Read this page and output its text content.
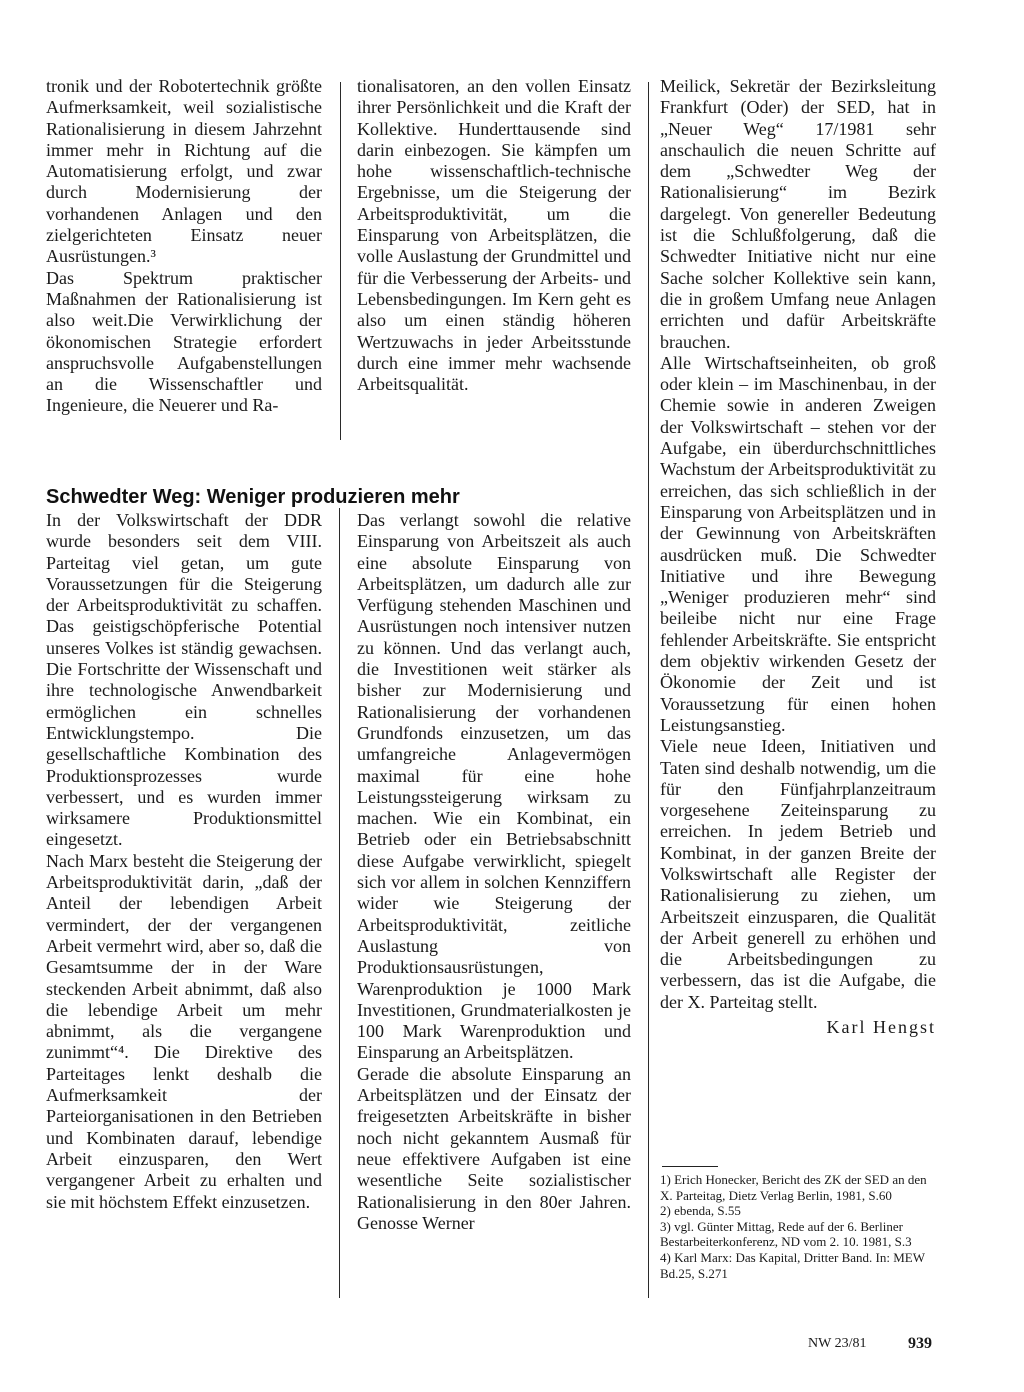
tronik und der Robotertechnik größte Aufmerksamkeit, weil sozialistische Rationalisierung in diesem Jahrzehnt immer mehr in Richtung auf die Automatisierung erfolgt, und zwar durch Modernisierung der vorhandenen Anlagen und den zielgerichteten Einsatz neuer Ausrüstungen.³

Das Spektrum praktischer Maßnahmen der Rationalisierung ist also weit.Die Verwirklichung der ökonomischen Strategie erfordert anspruchsvolle Aufgabenstellungen an die Wissenschaftler und Ingenieure, die Neuerer und Ra-

tionalisatoren, an den vollen Einsatz ihrer Persönlichkeit und die Kraft der Kollektive. Hunderttausende sind darin einbezogen. Sie kämpfen um hohe wissenschaftlich-technische Ergebnisse, um die Steigerung der Arbeitsproduktivität, um die Einsparung von Arbeitsplätzen, die volle Auslastung der Grundmittel und für die Verbesserung der Arbeits- und Lebensbedingungen. Im Kern geht es also um einen ständig höheren Wertzuwachs in jeder Arbeitsstunde durch eine immer mehr wachsende Arbeitsqualität.

Meilick, Sekretär der Bezirksleitung Frankfurt (Oder) der SED, hat in „Neuer Weg“ 17/1981 sehr anschaulich die neuen Schritte auf dem „Schwedter Weg der Rationalisierung“ im Bezirk dargelegt. Von genereller Bedeutung ist die Schlußfolgerung, daß die Schwedter Initiative nicht nur eine Sache solcher Kollektive sein kann, die in großem Umfang neue Anlagen errichten und dafür Arbeitskräfte brauchen.

Alle Wirtschaftseinheiten, ob groß oder klein – im Maschinenbau, in der Chemie sowie in anderen Zweigen der Volkswirtschaft – stehen vor der Aufgabe, ein überdurchschnittliches Wachstum der Arbeitsproduktivität zu erreichen, das sich schließlich in der Einsparung von Arbeitsplätzen und in der Gewinnung von Arbeitskräften ausdrücken muß. Die Schwedter Initiative und ihre Bewegung „Weniger produzieren mehr“ sind beileibe nicht nur eine Frage fehlender Arbeitskräfte. Sie entspricht dem objektiv wirkenden Gesetz der Ökonomie der Zeit und ist Voraussetzung für einen hohen Leistungsanstieg.

Viele neue Ideen, Initiativen und Taten sind deshalb notwendig, um die für den Fünfjahrplanzeitraum vorgesehene Zeiteinsparung zu erreichen. In jedem Betrieb und Kombinat, in der ganzen Breite der Volkswirtschaft alle Register der Rationalisierung zu ziehen, um Arbeitszeit einzusparen, die Qualität der Arbeit generell zu erhöhen und die Arbeitsbedingungen zu verbessern, das ist die Aufgabe, die der X. Parteitag stellt.

Karl Hengst

Schwedter Weg: Weniger produzieren mehr

In der Volkswirtschaft der DDR wurde besonders seit dem VIII. Parteitag viel getan, um gute Voraussetzungen für die Steigerung der Arbeitsproduktivität zu schaffen. Das geistigschöpferische Potential unseres Volkes ist ständig gewachsen. Die Fortschritte der Wissenschaft und ihre technologische Anwendbarkeit ermöglichen ein schnelles Entwicklungstempo. Die gesellschaftliche Kombination des Produktionsprozesses wurde verbessert, und es wurden immer wirksamere Produktionsmittel eingesetzt.

Nach Marx besteht die Steigerung der Arbeitsproduktivität darin, „daß der Anteil der lebendigen Arbeit vermindert, der der vergangenen Arbeit vermehrt wird, aber so, daß die Gesamtsumme der in der Ware steckenden Arbeit abnimmt, daß also die lebendige Arbeit um mehr abnimmt, als die vergangene zunimmt“⁴. Die Direktive des Parteitages lenkt deshalb die Aufmerksamkeit der Parteiorganisationen in den Betrieben und Kombinaten darauf, lebendige Arbeit einzusparen, den Wert vergangener Arbeit zu erhalten und sie mit höchstem Effekt einzusetzen.

Das verlangt sowohl die relative Einsparung von Arbeitszeit als auch eine absolute Einsparung von Arbeitsplätzen, um dadurch alle zur Verfügung stehenden Maschinen und Ausrüstungen noch intensiver nutzen zu können. Und das verlangt auch, die Investitionen weit stärker als bisher zur Modernisierung und Rationalisierung der vorhandenen Grundfonds einzusetzen, um das umfangreiche Anlagevermögen maximal für eine hohe Leistungssteigerung wirksam zu machen. Wie ein Kombinat, ein Betrieb oder ein Betriebsabschnitt diese Aufgabe verwirklicht, spiegelt sich vor allem in solchen Kennziffern wider wie Steigerung der Arbeitsproduktivität, zeitliche Auslastung von Produktionsausrüstungen, Warenproduktion je 1000 Mark Investitionen, Grundmaterialkosten je 100 Mark Warenproduktion und Einsparung an Arbeitsplätzen.

Gerade die absolute Einsparung an Arbeitsplätzen und der Einsatz der freigesetzten Arbeitskräfte in bisher noch nicht gekanntem Ausmaß für neue effektivere Aufgaben ist eine wesentliche Seite sozialistischer Rationalisierung in den 80er Jahren. Genosse Werner

1) Erich Honecker, Bericht des ZK der SED an den X. Parteitag, Dietz Verlag Berlin, 1981, S.60
2) ebenda, S.55
3) vgl. Günter Mittag, Rede auf der 6. Berliner Bestarbeiterkonferenz, ND vom 2. 10. 1981, S.3
4) Karl Marx: Das Kapital, Dritter Band. In: MEW Bd.25, S.271
NW 23/81	939
